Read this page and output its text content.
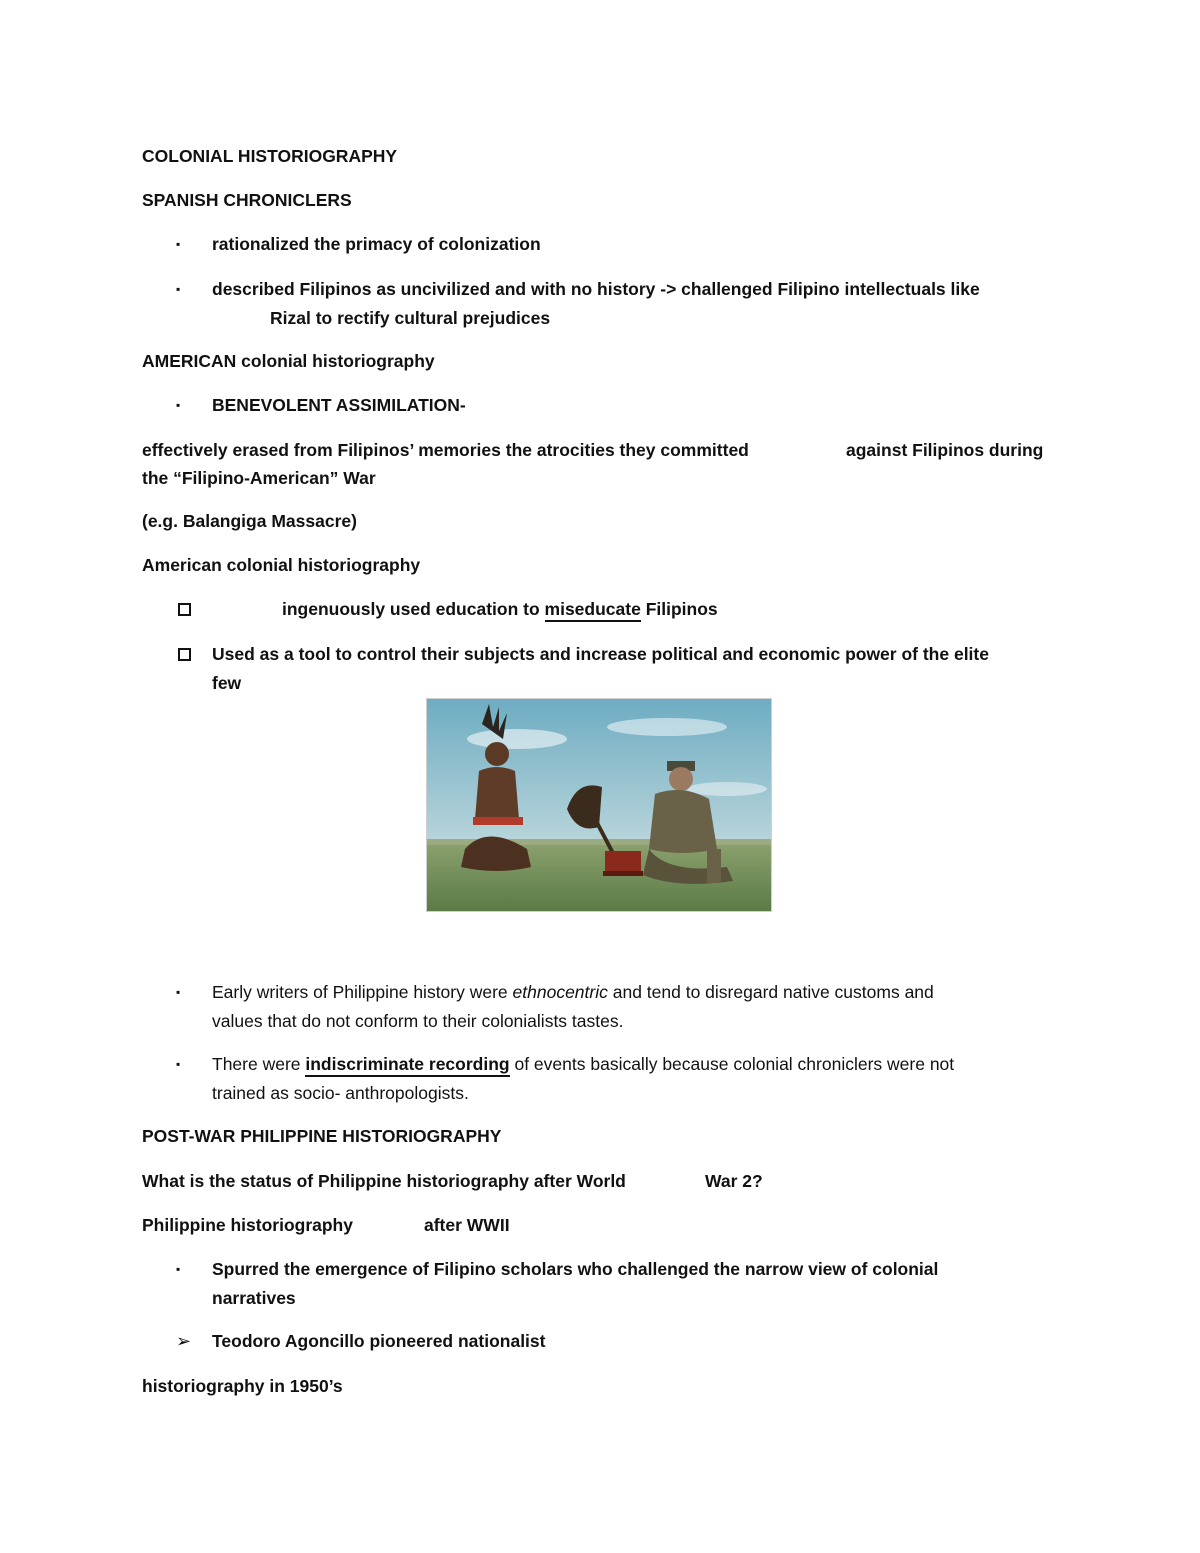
COLONIAL HISTORIOGRAPHY
SPANISH CHRONICLERS
▪ rationalized the primacy of colonization
▪ described Filipinos as uncivilized and with no history -> challenged Filipino intellectuals like
Rizal to rectify cultural prejudices
AMERICAN colonial historiography
▪ BENEVOLENT ASSIMILATION-
effectively erased from Filipinos’ memories the atrocities they committed	against Filipinos during
the “Filipino-American” War
(e.g. Balangiga Massacre)
American colonial historiography
ingenuously used education to miseducate Filipinos
Used as a tool to control their subjects and increase political and economic power of the elite
few
▪ Early writers of Philippine history were ethnocentric and tend to disregard native customs and
values that do not conform to their colonialists tastes.
▪ There were indiscriminate recording of events basically because colonial chroniclers were not
trained as socio- anthropologists.
POST-WAR PHILIPPINE HISTORIOGRAPHY
What is the status of Philippine historiography after World	War 2?
Philippine historiography	after WWII
▪ Spurred the emergence of Filipino scholars who challenged the narrow view of colonial
narratives
➢ Teodoro Agoncillo pioneered nationalist
historiography in 1950’s
